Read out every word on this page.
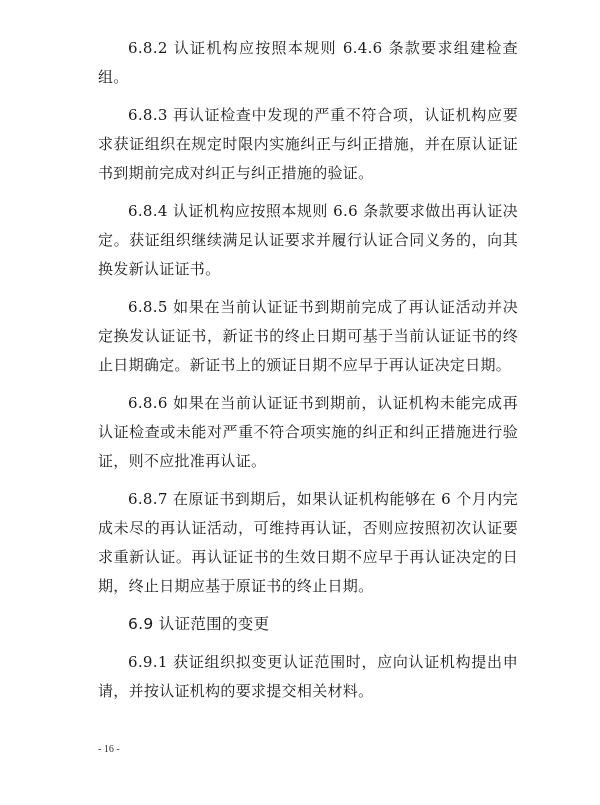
6.8.2 认证机构应按照本规则 6.4.6 条款要求组建检查组。

6.8.3 再认证检查中发现的严重不符合项，认证机构应要求获证组织在规定时限内实施纠正与纠正措施，并在原认证证书到期前完成对纠正与纠正措施的验证。

6.8.4 认证机构应按照本规则 6.6 条款要求做出再认证决定。获证组织继续满足认证要求并履行认证合同义务的，向其换发新认证证书。

6.8.5 如果在当前认证证书到期前完成了再认证活动并决定换发认证证书，新证书的终止日期可基于当前认证证书的终止日期确定。新证书上的颁证日期不应早于再认证决定日期。

6.8.6 如果在当前认证证书到期前，认证机构未能完成再认证检查或未能对严重不符合项实施的纠正和纠正措施进行验证，则不应批准再认证。

6.8.7 在原证书到期后，如果认证机构能够在 6 个月内完成未尽的再认证活动，可维持再认证，否则应按照初次认证要求重新认证。再认证证书的生效日期不应早于再认证决定的日期，终止日期应基于原证书的终止日期。

6.9 认证范围的变更

6.9.1 获证组织拟变更认证范围时，应向认证机构提出申请，并按认证机构的要求提交相关材料。

- 16 -
